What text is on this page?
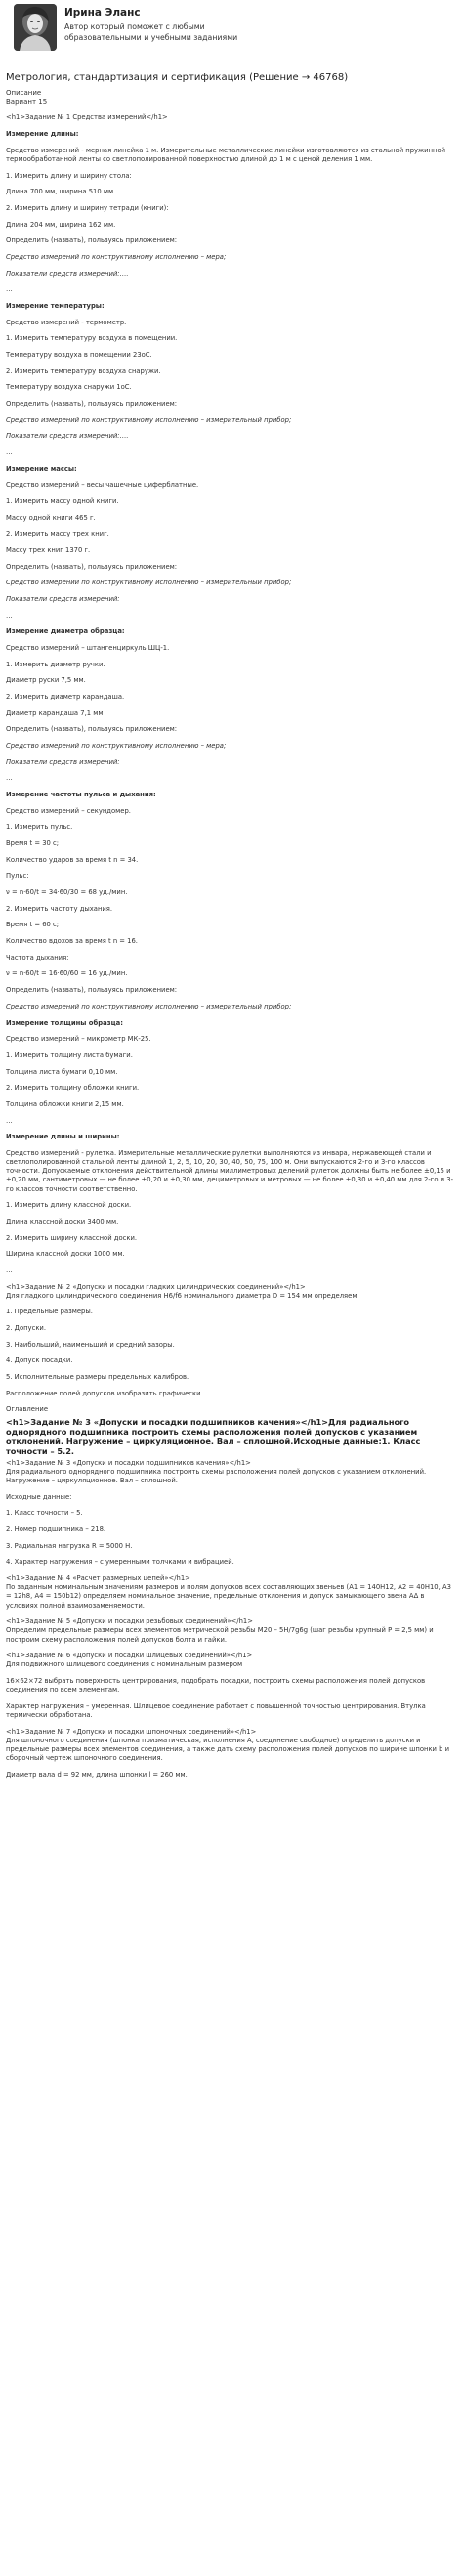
Ирина Эланс
Автор который поможет с любыми образовательными и учебными заданиями
Метрология, стандартизация и сертификация (Решение → 46768)
Описание
Вариант 15
<h1>Задание № 1 Средства измерений</h1>
Измерение длины:
Средство измерений - мерная линейка 1 м. Измерительные металлические линейки изготовляются из стальной пружинной термообработанной ленты со светлополированной поверхностью длиной до 1 м с ценой деления 1 мм.
1. Измерить длину и ширину стола:
Длина 700 мм, ширина 510 мм.
2. Измерить длину и ширину тетради (книги):
Длина 204 мм, ширина 162 мм.
Определить (назвать), пользуясь приложением:
Средство измерений по конструктивному исполнению – мера;
Показатели средств измерений:….
…
Измерение температуры:
Средство измерений - термометр.
1. Измерить температуру воздуха в помещении.
Температуру воздуха в помещении 23оС.
2. Измерить температуру воздуха снаружи.
Температуру воздуха снаружи 1оС.
Определить (назвать), пользуясь приложением:
Средство измерений по конструктивному исполнению – измерительный прибор;
Показатели средств измерений:….
…
Измерение массы:
Средство измерений – весы чашечные циферблатные.
1. Измерить массу одной книги.
Массу одной книги 465 г.
2. Измерить массу трех книг.
Массу трех книг 1370 г.
Определить (назвать), пользуясь приложением:
Средство измерений по конструктивному исполнению – измерительный прибор;
Показатели средств измерений:
…
Измерение диаметра образца:
Средство измерений – штангенциркуль ШЦ-1.
1. Измерить диаметр ручки.
Диаметр руски 7,5 мм.
2. Измерить диаметр карандаша.
Диаметр карандаша 7,1 мм
Определить (назвать), пользуясь приложением:
Средство измерений по конструктивному исполнению – мера;
Показатели средств измерений:
…
Измерение частоты пульса и дыхания:
Средство измерений – секундомер.
1. Измерить пульс.
Время t = 30 с;
Количество ударов за время t n = 34.
Пульс:
ν = n·60/t = 34·60/30 = 68 уд./мин.
2. Измерить частоту дыхания.
Время t = 60 с;
Количество вдохов за время t n = 16.
Частота дыхания:
ν = n·60/t = 16·60/60 = 16 уд./мин.
Определить (назвать), пользуясь приложением:
Средство измерений по конструктивному исполнению – измерительный прибор;
Измерение толщины образца:
Средство измерений – микрометр МК-25.
1. Измерить толщину листа бумаги.
Толщина листа бумаги 0,10 мм.
2. Измерить толщину обложки книги.
Толщина обложки книги 2,15 мм.
…
Измерение длины и ширины:
Средство измерений - рулетка. Измерительные металлические рулетки выполняются из инвара, нержавеющей стали и светлополированной стальной ленты длиной 1, 2, 5, 10, 20, 30, 40, 50, 75, 100 м. Они выпускаются 2-го и 3-го классов точности. Допускаемые отклонения действительной длины миллиметровых делений рулеток должны быть не более ±0,15 и ±0,20 мм, сантиметровых — не более ±0,20 и ±0,30 мм, дециметровых и метровых — не более ±0,30 и ±0,40 мм для 2-го и 3-го классов точности соответственно.
1. Измерить длину классной доски.
Длина классной доски 3400 мм.
2. Измерить ширину классной доски.
Ширина классной доски 1000 мм.
…
<h1>Задание № 2 «Допуски и посадки гладких цилиндрических соединений»</h1>
Для гладкого цилиндрического соединения H6/f6 номинального диаметра D = 154 мм определяем:
1. Предельные размеры.
2. Допуски.
3. Наибольший, наименьший и средний зазоры.
4. Допуск посадки.
5. Исполнительные размеры предельных калибров.
Расположение полей допусков изобразить графически.
Оглавление
<h1>Задание № 3 «Допуски и посадки подшипников качения»</h1>Для радиального однорядного подшипника построить схемы расположения полей допусков с указанием отклонений. Нагружение – циркуляционное. Вал – сплошной.Исходные данные:1. Класс точности – 5.2.
<h1>Задание № 3 «Допуски и посадки подшипников качения»</h1>
Для радиального однорядного подшипника построить схемы расположения полей допусков с указанием отклонений. Нагружение – циркуляционное. Вал – сплошной.
Исходные данные:
1. Класс точности – 5.
2. Номер подшипника – 218.
3. Радиальная нагрузка R = 5000 Н.
4. Характер нагружения – с умеренными толчками и вибрацией.
<h1>Задание № 4 «Расчет размерных цепей»</h1>
По заданным номинальным значениям размеров и полям допусков всех составляющих звеньев (А1 = 140Н12, А2 = 40Н10, А3 = 12h8, А4 = 150b12) определяем номинальное значение, предельные отклонения и допуск замыкающего звена AΔ в условиях полной взаимозаменяемости.
<h1>Задание № 5 «Допуски и посадки резьбовых соединений»</h1>
Определим предельные размеры всех элементов метрической резьбы М20 – 5H/7g6g (шаг резьбы крупный P = 2,5 мм) и построим схему расположения полей допусков болта и гайки.
<h1>Задание № 6 «Допуски и посадки шлицевых соединений»</h1>
Для подвижного шлицевого соединения с номинальным размером
16×62×72 выбрать поверхность центрирования, подобрать посадки, построить схемы расположения полей допусков соединения по всем элементам.
Характер нагружения – умеренная. Шлицевое соединение работает с повышенной точностью центрирования. Втулка термически обработана.
<h1>Задание № 7 «Допуски и посадки шпоночных соединений»</h1>
Для шпоночного соединения (шпонка призматическая, исполнения А, соединение свободное) определить допуски и предельные размеры всех элементов соединения, а также дать схему расположения полей допусков по ширине шпонки b и сборочный чертеж шпоночного соединения.
Диаметр вала d = 92 мм, длина шпонки l = 260 мм.
